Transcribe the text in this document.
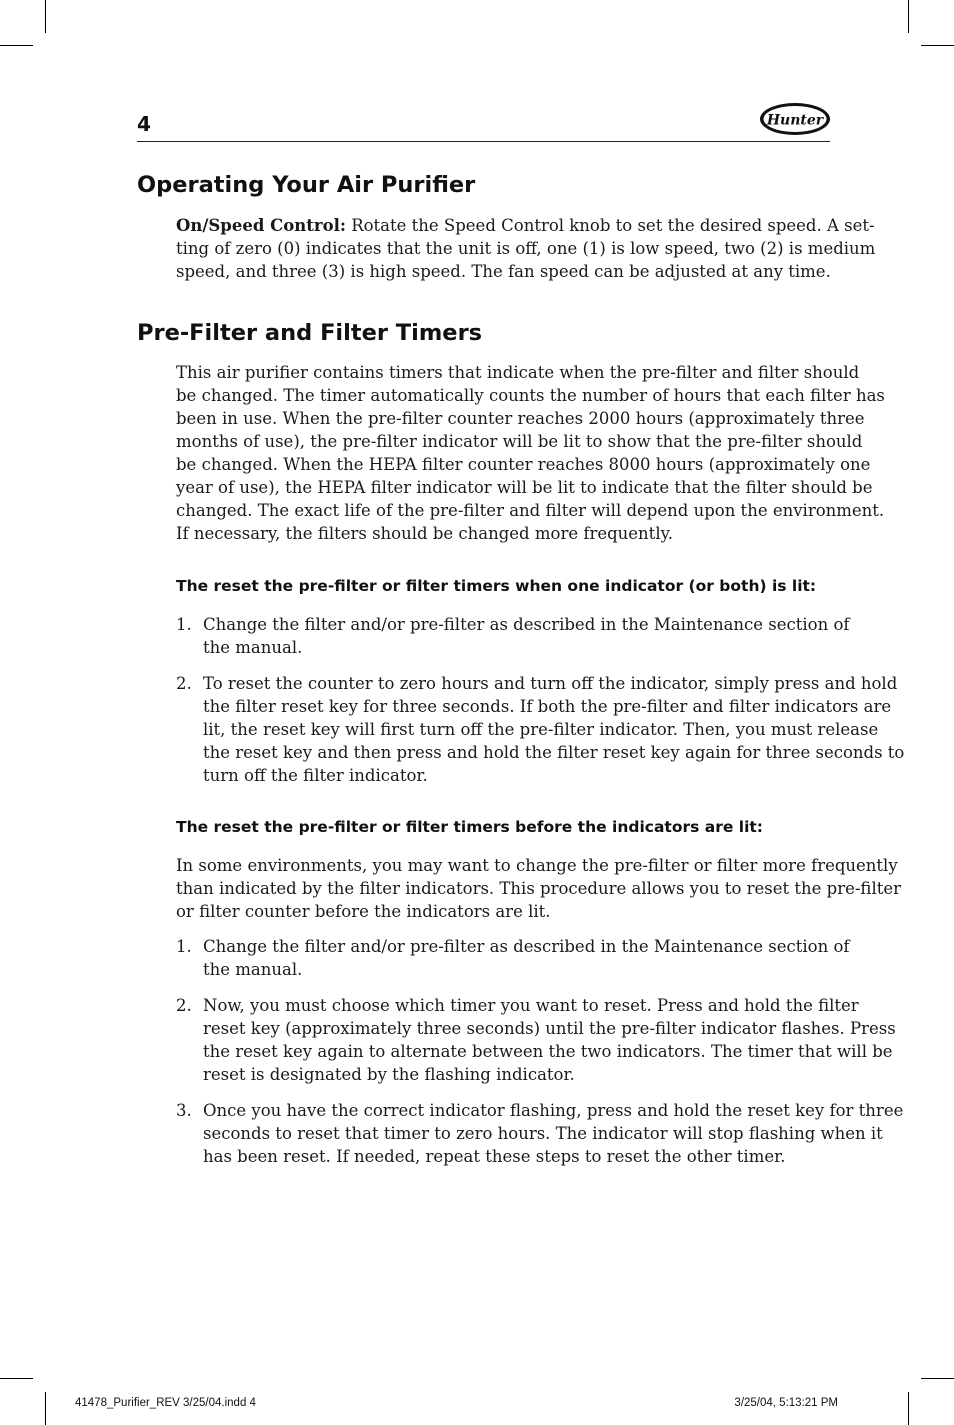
4	Hunter
Operating Your Air Purifier

On/Speed Control: Rotate the Speed Control knob to set the desired speed. A set-
ting of zero (0) indicates that the unit is off, one (1) is low speed, two (2) is medium
speed, and three (3) is high speed. The fan speed can be adjusted at any time.

Pre-Filter and Filter Timers

This air purifier contains timers that indicate when the pre-filter and filter should
be changed. The timer automatically counts the number of hours that each filter has
been in use. When the pre-filter counter reaches 2000 hours (approximately three
months of use), the pre-filter indicator will be lit to show that the pre-filter should
be changed. When the HEPA filter counter reaches 8000 hours (approximately one
year of use), the HEPA filter indicator will be lit to indicate that the filter should be
changed. The exact life of the pre-filter and filter will depend upon the environment.
If necessary, the filters should be changed more frequently.

The reset the pre-filter or filter timers when one indicator (or both) is lit:
1. Change the filter and/or pre-filter as described in the Maintenance section of
the manual.
2. To reset the counter to zero hours and turn off the indicator, simply press and hold
the filter reset key for three seconds. If both the pre-filter and filter indicators are
lit, the reset key will first turn off the pre-filter indicator. Then, you must release
the reset key and then press and hold the filter reset key again for three seconds to
turn off the filter indicator.
The reset the pre-filter or filter timers before the indicators are lit:

In some environments, you may want to change the pre-filter or filter more frequently
than indicated by the filter indicators. This procedure allows you to reset the pre-filter
or filter counter before the indicators are lit.

1. Change the filter and/or pre-filter as described in the Maintenance section of
the manual.
2. Now, you must choose which timer you want to reset. Press and hold the filter
reset key (approximately three seconds) until the pre-filter indicator flashes. Press
the reset key again to alternate between the two indicators. The timer that will be
reset is designated by the flashing indicator.
3. Once you have the correct indicator flashing, press and hold the reset key for three
seconds to reset that timer to zero hours. The indicator will stop flashing when it
has been reset. If needed, repeat these steps to reset the other timer.
41478_Purifier_REV 3/25/04.indd 4	3/25/04, 5:13:21 PM
